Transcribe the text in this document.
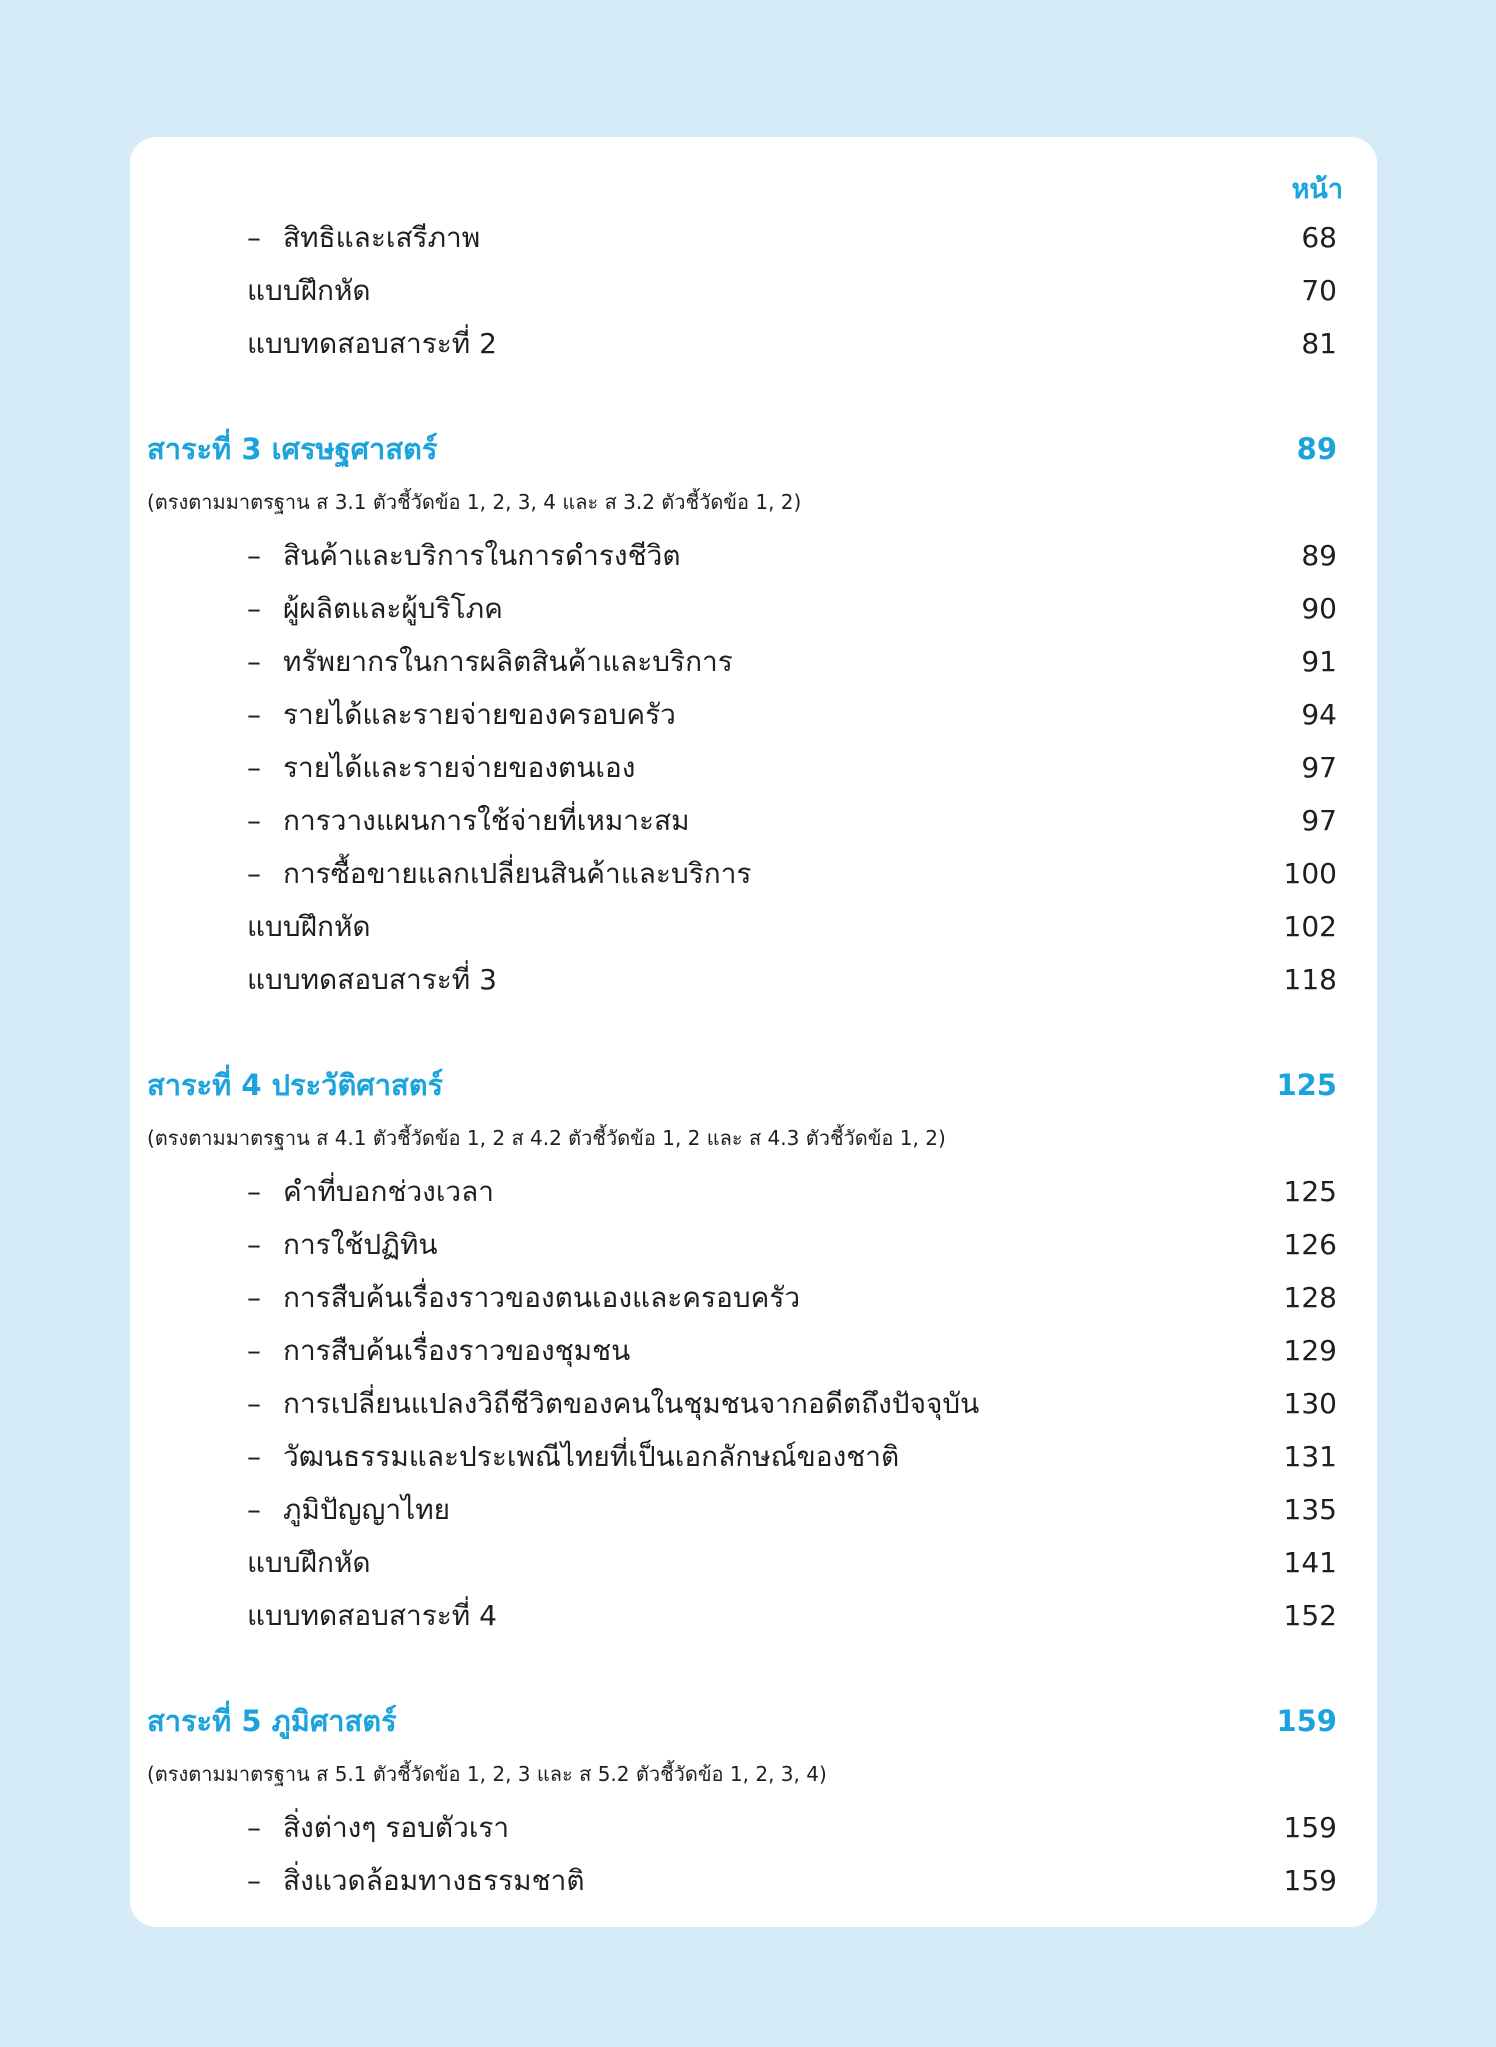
หน้า
– สิทธิและเสรีภาพ	68
แบบฝึกหัด	70
แบบทดสอบสาระที่ 2	81
สาระที่ 3 เศรษฐศาสตร์	89
(ตรงตามมาตรฐาน ส 3.1 ตัวชี้วัดข้อ 1, 2, 3, 4 และ ส 3.2 ตัวชี้วัดข้อ 1, 2)
– สินค้าและบริการในการดำรงชีวิต	89
– ผู้ผลิตและผู้บริโภค	90
– ทรัพยากรในการผลิตสินค้าและบริการ	91
– รายได้และรายจ่ายของครอบครัว	94
– รายได้และรายจ่ายของตนเอง	97
– การวางแผนการใช้จ่ายที่เหมาะสม	97
– การซื้อขายแลกเปลี่ยนสินค้าและบริการ	100
แบบฝึกหัด	102
แบบทดสอบสาระที่ 3	118
สาระที่ 4 ประวัติศาสตร์	125
(ตรงตามมาตรฐาน ส 4.1 ตัวชี้วัดข้อ 1, 2 ส 4.2 ตัวชี้วัดข้อ 1, 2 และ ส 4.3 ตัวชี้วัดข้อ 1, 2)
– คำที่บอกช่วงเวลา	125
– การใช้ปฏิทิน	126
– การสืบค้นเรื่องราวของตนเองและครอบครัว	128
– การสืบค้นเรื่องราวของชุมชน	129
– การเปลี่ยนแปลงวิถีชีวิตของคนในชุมชนจากอดีตถึงปัจจุบัน	130
– วัฒนธรรมและประเพณีไทยที่เป็นเอกลักษณ์ของชาติ	131
– ภูมิปัญญาไทย	135
แบบฝึกหัด	141
แบบทดสอบสาระที่ 4	152
สาระที่ 5 ภูมิศาสตร์	159
(ตรงตามมาตรฐาน ส 5.1 ตัวชี้วัดข้อ 1, 2, 3 และ ส 5.2 ตัวชี้วัดข้อ 1, 2, 3, 4)
– สิ่งต่างๆ รอบตัวเรา	159
– สิ่งแวดล้อมทางธรรมชาติ	159
